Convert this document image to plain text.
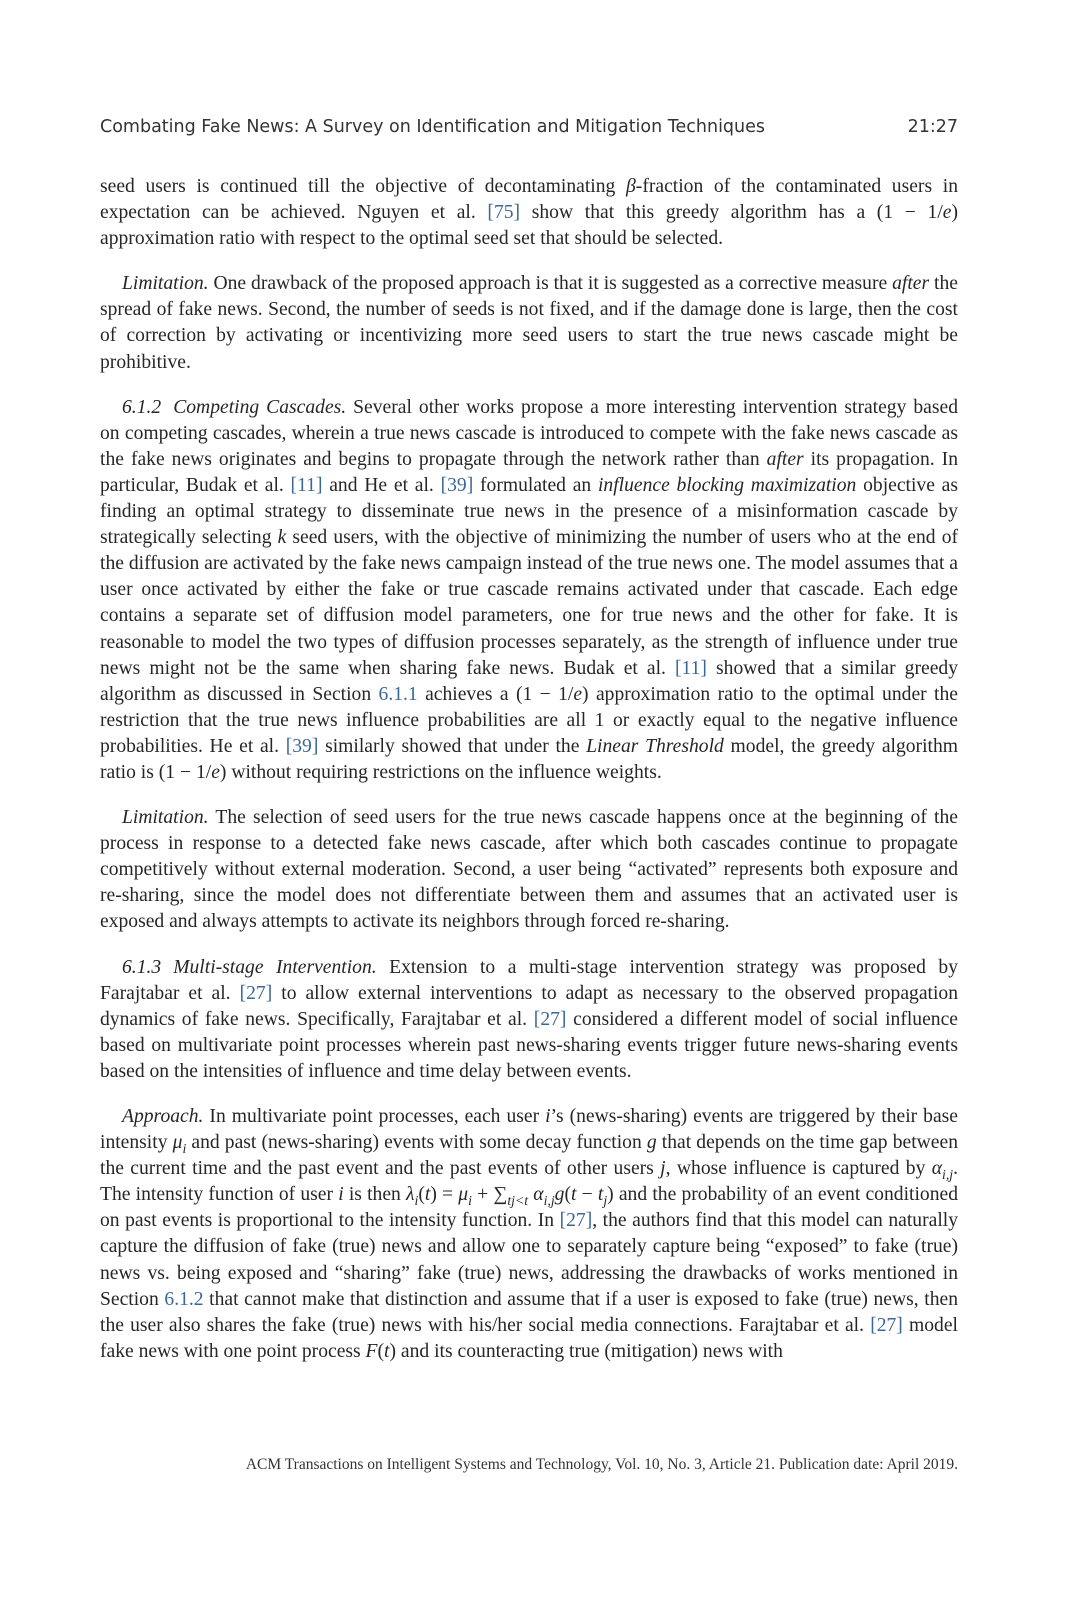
Combating Fake News: A Survey on Identification and Mitigation Techniques	21:27

seed users is continued till the objective of decontaminating β-fraction of the contaminated users in expectation can be achieved. Nguyen et al. [75] show that this greedy algorithm has a (1 − 1/e) approximation ratio with respect to the optimal seed set that should be selected.

Limitation. One drawback of the proposed approach is that it is suggested as a corrective measure after the spread of fake news. Second, the number of seeds is not fixed, and if the damage done is large, then the cost of correction by activating or incentivizing more seed users to start the true news cascade might be prohibitive.

6.1.2 Competing Cascades. Several other works propose a more interesting intervention strategy based on competing cascades, wherein a true news cascade is introduced to compete with the fake news cascade as the fake news originates and begins to propagate through the network rather than after its propagation. In particular, Budak et al. [11] and He et al. [39] formulated an influence blocking maximization objective as finding an optimal strategy to disseminate true news in the presence of a misinformation cascade by strategically selecting k seed users, with the objective of minimizing the number of users who at the end of the diffusion are activated by the fake news campaign instead of the true news one. The model assumes that a user once activated by either the fake or true cascade remains activated under that cascade. Each edge contains a separate set of diffusion model parameters, one for true news and the other for fake. It is reasonable to model the two types of diffusion processes separately, as the strength of influence under true news might not be the same when sharing fake news. Budak et al. [11] showed that a similar greedy algorithm as discussed in Section 6.1.1 achieves a (1 − 1/e) approximation ratio to the optimal under the restriction that the true news influence probabilities are all 1 or exactly equal to the negative influence probabilities. He et al. [39] similarly showed that under the Linear Threshold model, the greedy algorithm ratio is (1 − 1/e) without requiring restrictions on the influence weights.

Limitation. The selection of seed users for the true news cascade happens once at the beginning of the process in response to a detected fake news cascade, after which both cascades continue to propagate competitively without external moderation. Second, a user being “activated” represents both exposure and re-sharing, since the model does not differentiate between them and assumes that an activated user is exposed and always attempts to activate its neighbors through forced re-sharing.

6.1.3 Multi-stage Intervention. Extension to a multi-stage intervention strategy was proposed by Farajtabar et al. [27] to allow external interventions to adapt as necessary to the observed propagation dynamics of fake news. Specifically, Farajtabar et al. [27] considered a different model of social influence based on multivariate point processes wherein past news-sharing events trigger future news-sharing events based on the intensities of influence and time delay between events.

Approach. In multivariate point processes, each user i’s (news-sharing) events are triggered by their base intensity $\mu_i$ and past (news-sharing) events with some decay function g that depends on the time gap between the current time and the past event and the past events of other users j, whose influence is captured by $\alpha_{i,j}$. The intensity function of user i is then $\lambda_i(t) = \mu_i + \sum_{tj<t}$ $\alpha_{i,j}g(t - t_j)$ and the probability of an event conditioned on past events is proportional to the intensity function. In [27], the authors find that this model can naturally capture the diffusion of fake (true) news and allow one to separately capture being “exposed” to fake (true) news vs. being exposed and “sharing” fake (true) news, addressing the drawbacks of works mentioned in Section 6.1.2 that cannot make that distinction and assume that if a user is exposed to fake (true) news, then the user also shares the fake (true) news with his/her social media connections. Farajtabar et al. [27] model fake news with one point process F(t) and its counteracting true (mitigation) news with

ACM Transactions on Intelligent Systems and Technology, Vol. 10, No. 3, Article 21. Publication date: April 2019.
